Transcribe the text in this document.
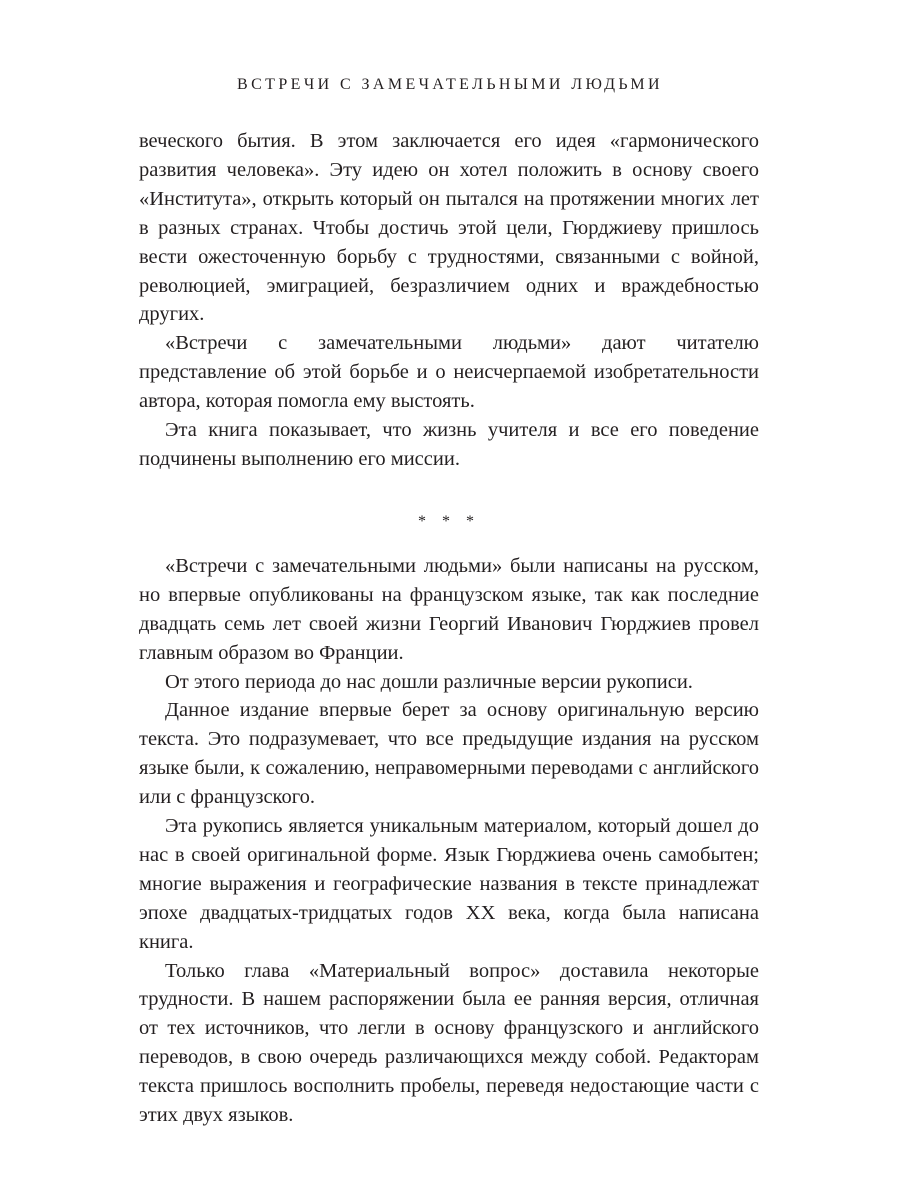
ВСТРЕЧИ С ЗАМЕЧАТЕЛЬНЫМИ ЛЮДЬМИ

вечеcкого бытия. В этом заключается его идея «гармонического развития человека». Эту идею он хотел положить в основу своего «Института», открыть который он пытался на протяжении многих лет в разных странах. Чтобы достичь этой цели, Гюрджиеву пришлось вести ожесточенную борьбу с трудностями, связанными с войной, революцией, эмиграцией, безразличием одних и враждебностью других.

«Встречи с замечательными людьми» дают читателю представление об этой борьбе и о неисчерпаемой изобретательности автора, которая помогла ему выстоять.

Эта книга показывает, что жизнь учителя и все его поведение подчинены выполнению его миссии.

* * *

«Встречи с замечательными людьми» были написаны на русском, но впервые опубликованы на французском языке, так как последние двадцать семь лет своей жизни Георгий Иванович Гюрджиев провел главным образом во Франции.

От этого периода до нас дошли различные версии рукописи.

Данное издание впервые берет за основу оригинальную версию текста. Это подразумевает, что все предыдущие издания на русском языке были, к сожалению, неправомерными переводами с английского или с французского.

Эта рукопись является уникальным материалом, который дошел до нас в своей оригинальной форме. Язык Гюрджиева очень самобытен; многие выражения и географические названия в тексте принадлежат эпохе двадцатых-тридцатых годов XX века, когда была написана книга.

Только глава «Материальный вопрос» доставила некоторые трудности. В нашем распоряжении была ее ранняя версия, отличная от тех источников, что легли в основу французского и английского переводов, в свою очередь различающихся между собой. Редакторам текста пришлось восполнить пробелы, переведя недостающие части с этих двух языков.
